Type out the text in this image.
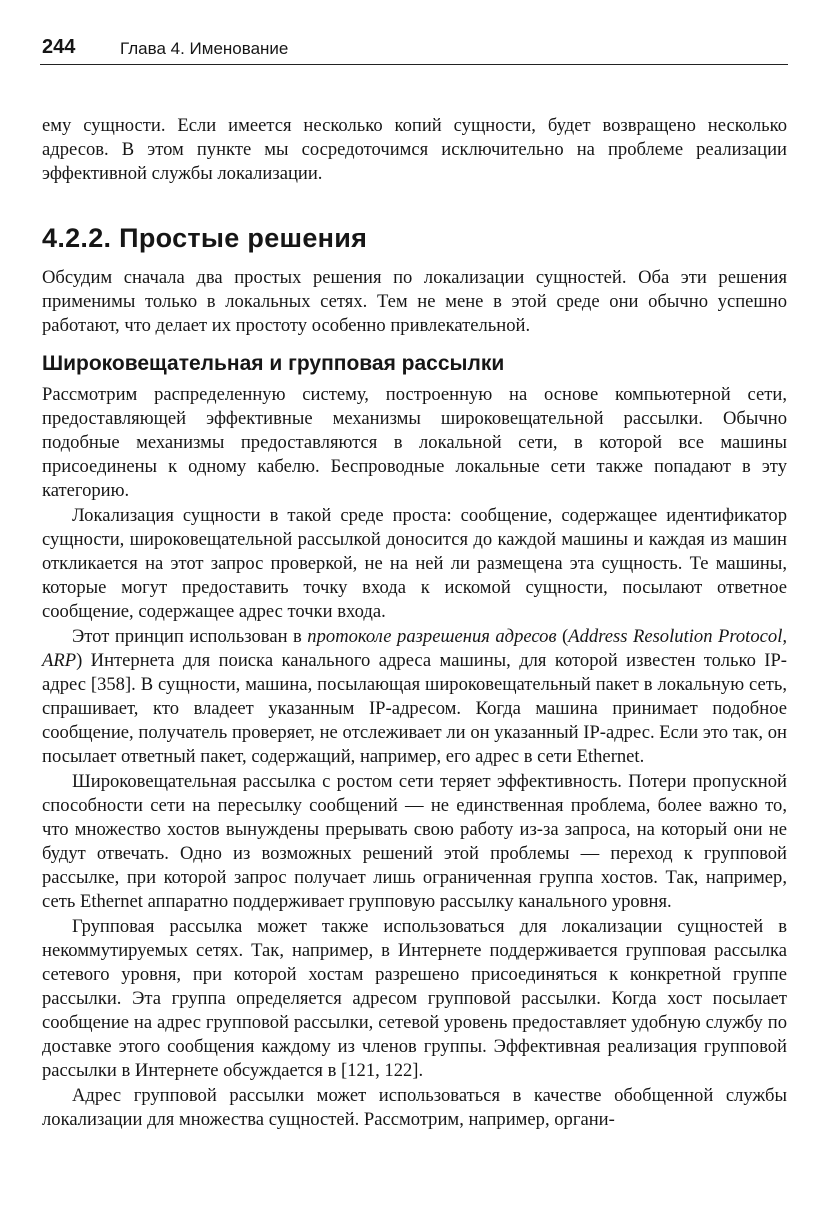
244	Глава 4. Именование

ему сущности. Если имеется несколько копий сущности, будет возвращено несколько адресов. В этом пункте мы сосредоточимся исключительно на проблеме реализации эффективной службы локализации.

4.2.2. Простые решения

Обсудим сначала два простых решения по локализации сущностей. Оба эти решения применимы только в локальных сетях. Тем не мене в этой среде они обычно успешно работают, что делает их простоту особенно привлекательной.

Широковещательная и групповая рассылки

Рассмотрим распределенную систему, построенную на основе компьютерной сети, предоставляющей эффективные механизмы широковещательной рассылки. Обычно подобные механизмы предоставляются в локальной сети, в которой все машины присоединены к одному кабелю. Беспроводные локальные сети также попадают в эту категорию.

Локализация сущности в такой среде проста: сообщение, содержащее идентификатор сущности, широковещательной рассылкой доносится до каждой машины и каждая из машин откликается на этот запрос проверкой, не на ней ли размещена эта сущность. Те машины, которые могут предоставить точку входа к искомой сущности, посылают ответное сообщение, содержащее адрес точки входа.

Этот принцип использован в протоколе разрешения адресов (Address Resolution Protocol, ARP) Интернета для поиска канального адреса машины, для которой известен только IP-адрес [358]. В сущности, машина, посылающая широковещательный пакет в локальную сеть, спрашивает, кто владеет указанным IP-адресом. Когда машина принимает подобное сообщение, получатель проверяет, не отслеживает ли он указанный IP-адрес. Если это так, он посылает ответный пакет, содержащий, например, его адрес в сети Ethernet.

Широковещательная рассылка с ростом сети теряет эффективность. Потери пропускной способности сети на пересылку сообщений — не единственная проблема, более важно то, что множество хостов вынуждены прерывать свою работу из-за запроса, на который они не будут отвечать. Одно из возможных решений этой проблемы — переход к групповой рассылке, при которой запрос получает лишь ограниченная группа хостов. Так, например, сеть Ethernet аппаратно поддерживает групповую рассылку канального уровня.

Групповая рассылка может также использоваться для локализации сущностей в некоммутируемых сетях. Так, например, в Интернете поддерживается групповая рассылка сетевого уровня, при которой хостам разрешено присоединяться к конкретной группе рассылки. Эта группа определяется адресом групповой рассылки. Когда хост посылает сообщение на адрес групповой рассылки, сетевой уровень предоставляет удобную службу по доставке этого сообщения каждому из членов группы. Эффективная реализация групповой рассылки в Интернете обсуждается в [121, 122].

Адрес групповой рассылки может использоваться в качестве обобщенной службы локализации для множества сущностей. Рассмотрим, например, органи-
